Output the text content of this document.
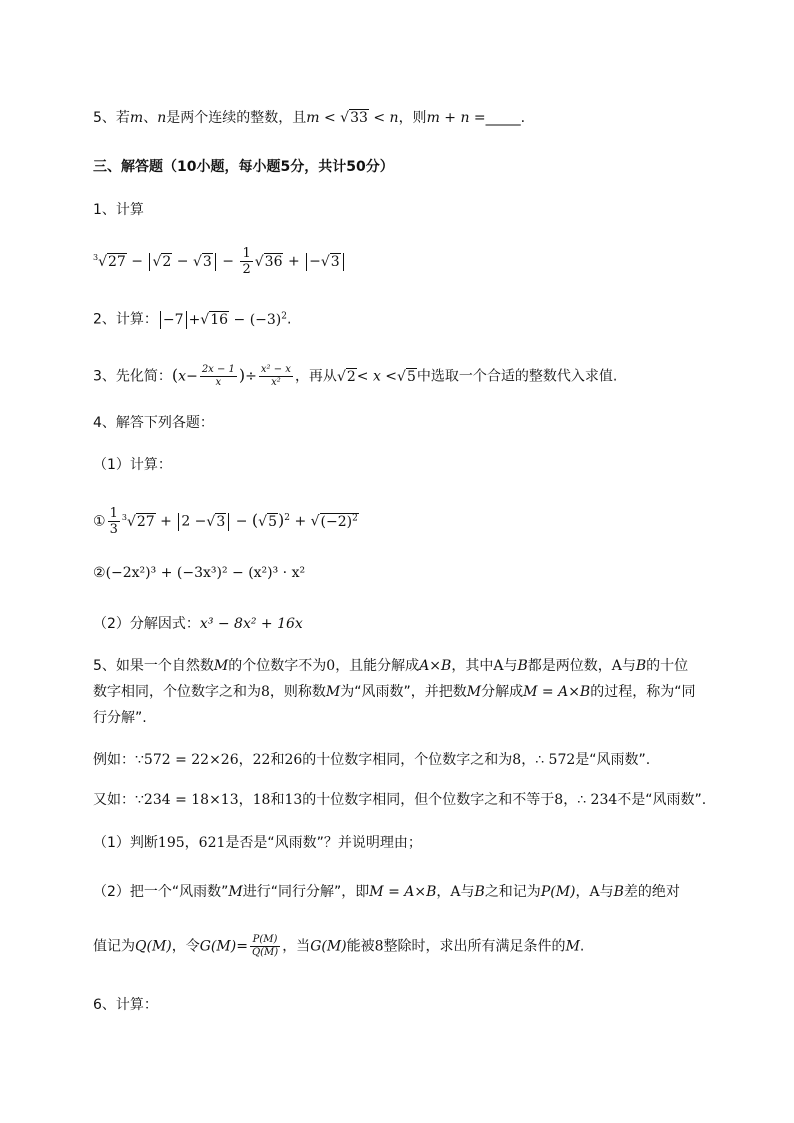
5、若m、n是两个连续的整数，且m < √33 < n，则m + n =_____.
三、解答题（10小题，每小题5分，共计50分）
1、计算
$^3√27 - √2 - √3 - \frac{1}{2} √36 + -√3$
2、计算： $-7 +√16 - (-3)^2$.
3、先化简：($x- \frac{2x - 1}{x}$ )÷ $\frac{\text{x² − x}}{\text{x²}}$ ，再从√2< x <√5中选取一个合适的整数代入求值.
4、解答下列各题：
（1）计算：
① $\frac{1}{3} ^3√27 + 2 -√3 - (√5)^2 + √(-2)^2$
②(−2x²)³ + (−3x³)² − (x²)³ · x²
（2）分解因式：x³ − 8x² + 16x
5、如果一个自然数M的个位数字不为0，且能分解成A×B，其中A与B都是两位数，A与B的十位
数字相同，个位数字之和为8，则称数M为“风雨数”，并把数M分解成M = A×B的过程，称为“同
行分解”.
例如：∵572 = 22×26，22和26的十位数字相同，个位数字之和为8，∴ 572是“风雨数”.
又如：∵234 = 18×13，18和13的十位数字相同，但个位数字之和不等于8，∴ 234不是“风雨数”.
（1）判断195，621是否是“风雨数”？并说明理由；
（2）把一个“风雨数”M进行“同行分解”，即M = A×B，A与B之和记为P(M)，A与B差的绝对
值记为Q(M)，令$G(M)= \frac{P(M)}{Q(M)}$ ，当G(M)能被8整除时，求出所有满足条件的M.
6、计算：
